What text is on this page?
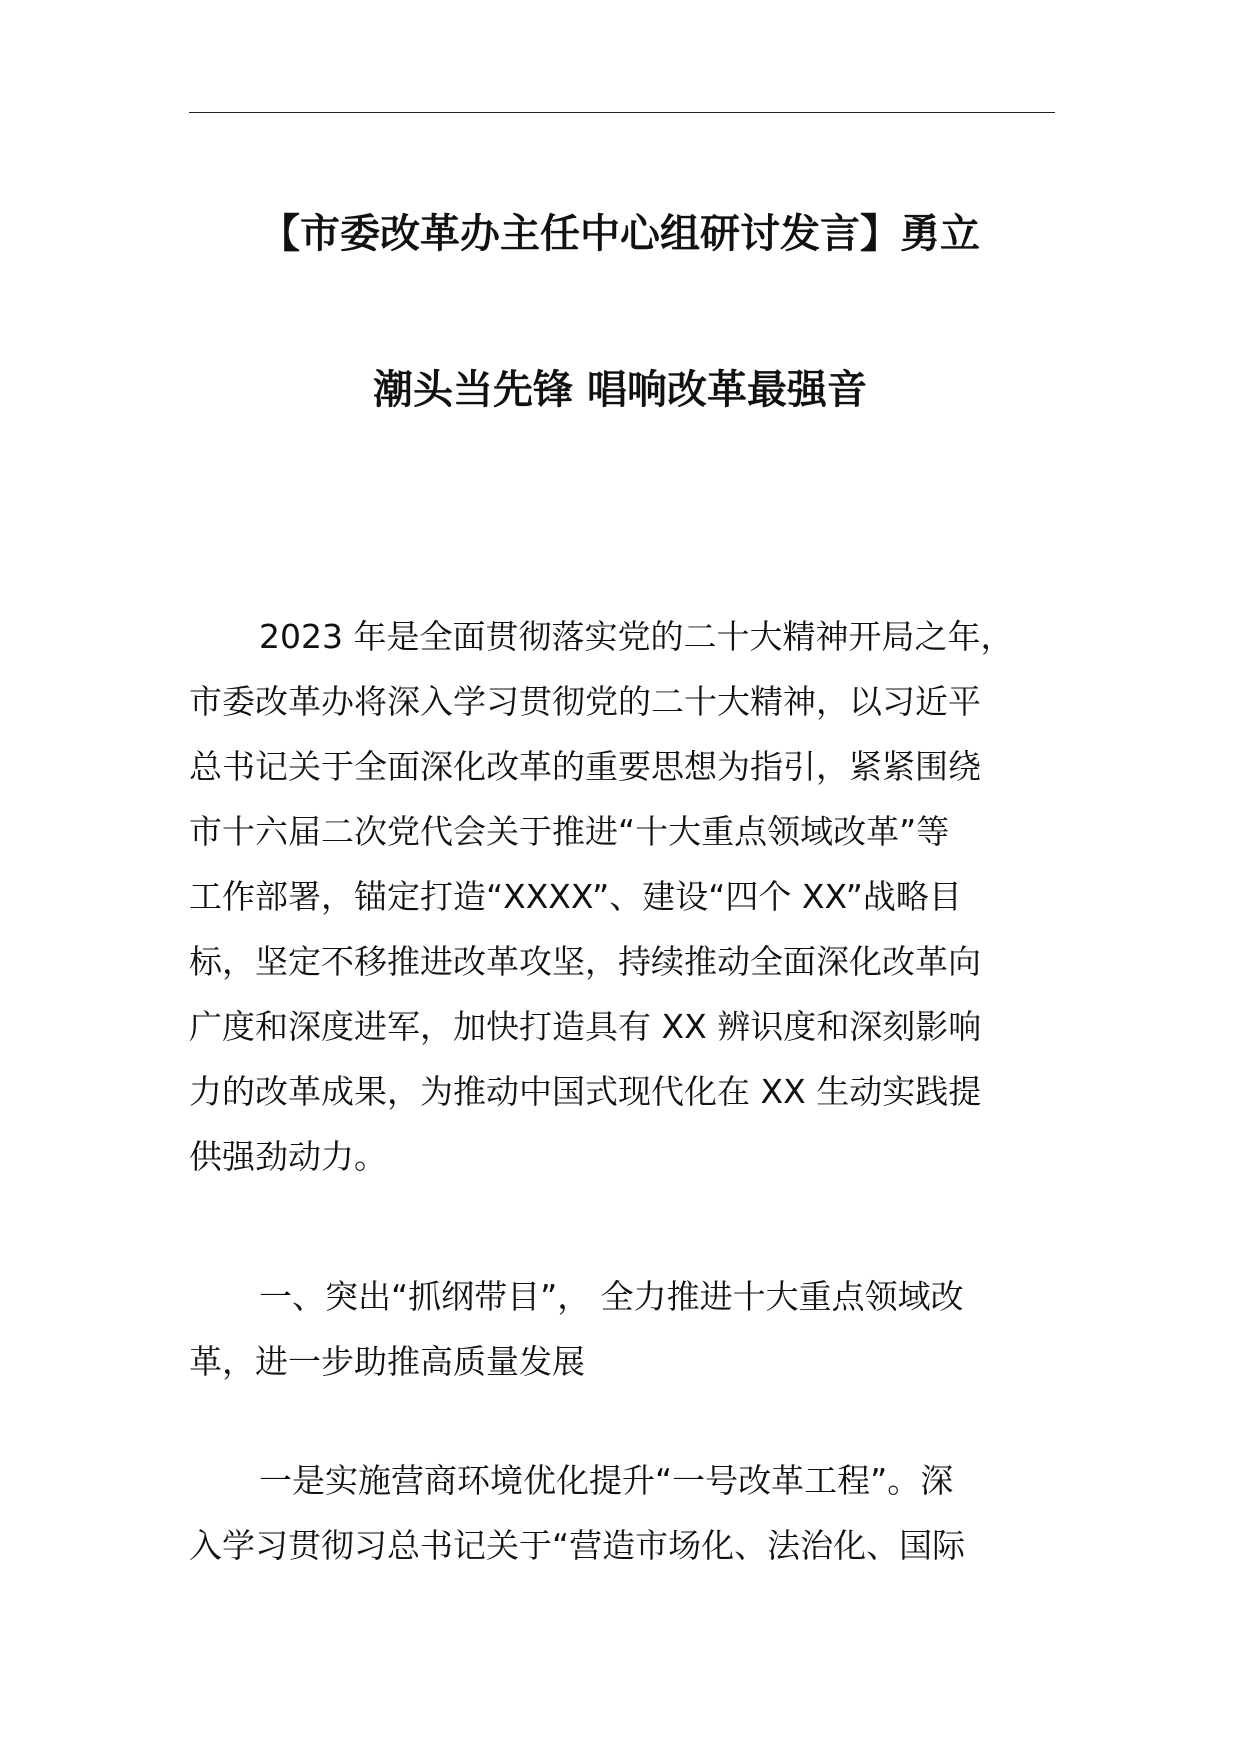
【市委改革办主任中心组研讨发言】勇立
潮头当先锋 唱响改革最强音
2023 年是全面贯彻落实党的二十大精神开局之年，
市委改革办将深入学习贯彻党的二十大精神，以习近平
总书记关于全面深化改革的重要思想为指引，紧紧围绕
市十六届二次党代会关于推进“十大重点领域改革”等
工作部署，锚定打造“XXXX”、建设“四个 XX”战略目
标，坚定不移推进改革攻坚，持续推动全面深化改革向
广度和深度进军，加快打造具有 XX 辨识度和深刻影响
力的改革成果，为推动中国式现代化在 XX 生动实践提
供强劲动力。
一、突出“抓纲带目”， 全力推进十大重点领域改
革，进一步助推高质量发展
一是实施营商环境优化提升“一号改革工程”。深
入学习贯彻习总书记关于“营造市场化、法治化、国际
